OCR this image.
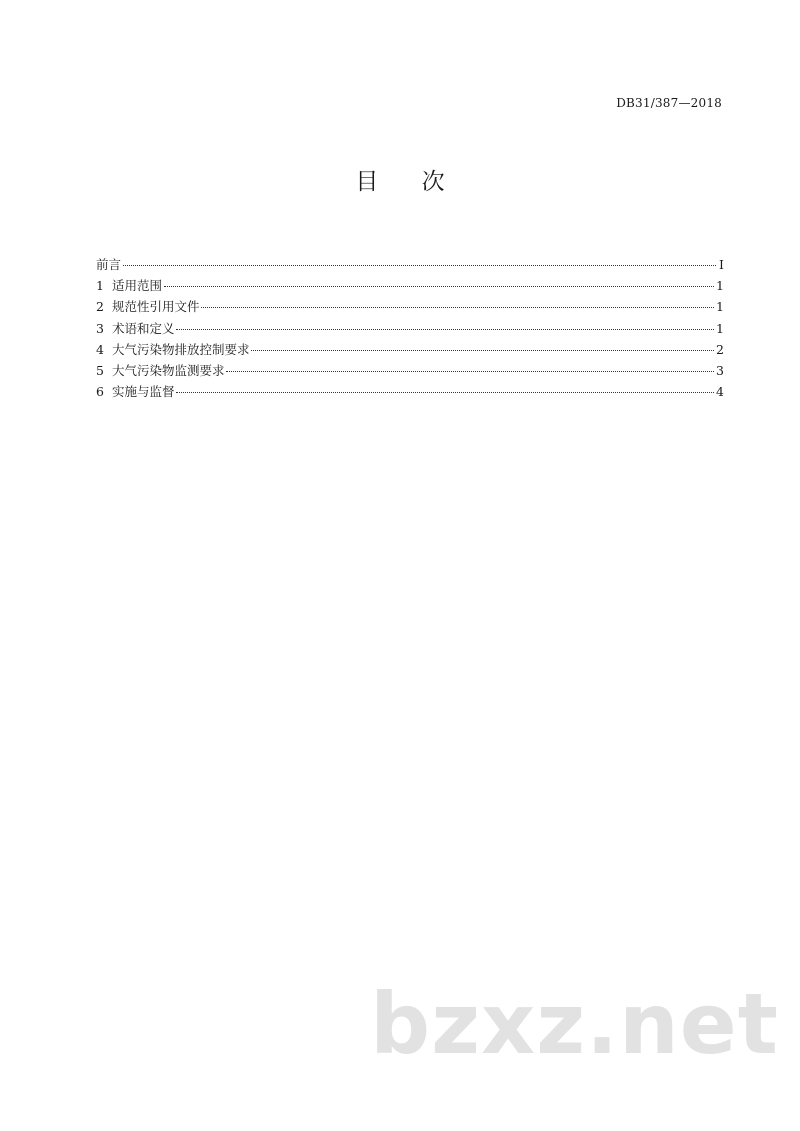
DB31/387—2018
目 次
前言	I
1 适用范围	1
2 规范性引用文件	1
3 术语和定义	1
4 大气污染物排放控制要求	2
5 大气污染物监测要求	3
6 实施与监督	4
bzxz.net
